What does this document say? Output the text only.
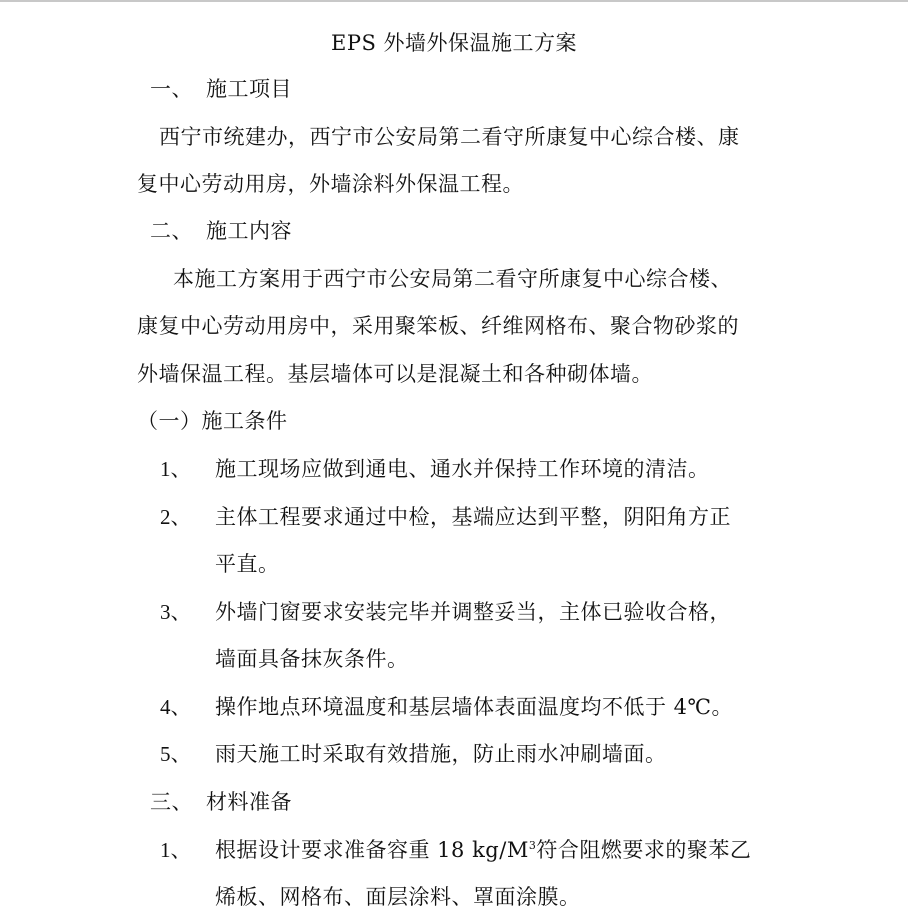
EPS 外墙外保温施工方案
一、 施工项目
西宁市统建办，西宁市公安局第二看守所康复中心综合楼、康
复中心劳动用房，外墙涂料外保温工程。
二、 施工内容
本施工方案用于西宁市公安局第二看守所康复中心综合楼、
康复中心劳动用房中，采用聚笨板、纤维网格布、聚合物砂浆的
外墙保温工程。基层墙体可以是混凝土和各种砌体墙。
（一）施工条件
1、 施工现场应做到通电、通水并保持工作环境的清洁。
2、 主体工程要求通过中检，基端应达到平整，阴阳角方正
平直。
3、 外墙门窗要求安装完毕并调整妥当，主体已验收合格，
墙面具备抹灰条件。
4、 操作地点环境温度和基层墙体表面温度均不低于 4℃。
5、 雨天施工时采取有效措施，防止雨水冲刷墙面。
三、 材料准备
1、 根据设计要求准备容重 18 $kg/M^3$符合阻燃要求的聚苯乙
烯板、网格布、面层涂料、罩面涂膜。
